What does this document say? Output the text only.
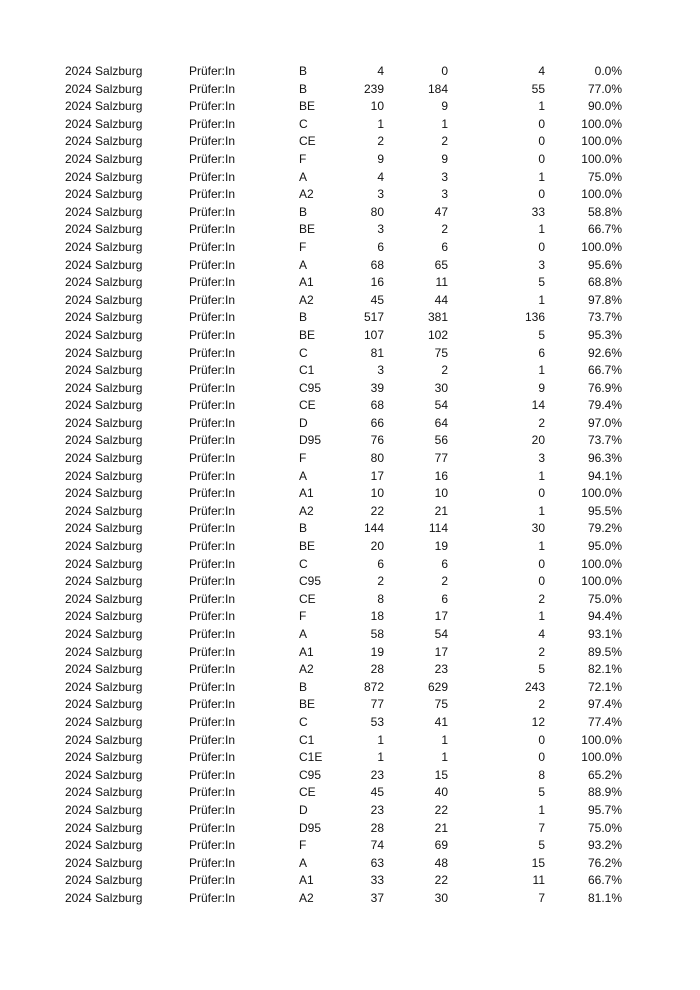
2024 Salzburg	Prüfer:In	B	4	0	4	0.0%
2024 Salzburg	Prüfer:In	B	239	184	55	77.0%
2024 Salzburg	Prüfer:In	BE	10	9	1	90.0%
2024 Salzburg	Prüfer:In	C	1	1	0	100.0%
2024 Salzburg	Prüfer:In	CE	2	2	0	100.0%
2024 Salzburg	Prüfer:In	F	9	9	0	100.0%
2024 Salzburg	Prüfer:In	A	4	3	1	75.0%
2024 Salzburg	Prüfer:In	A2	3	3	0	100.0%
2024 Salzburg	Prüfer:In	B	80	47	33	58.8%
2024 Salzburg	Prüfer:In	BE	3	2	1	66.7%
2024 Salzburg	Prüfer:In	F	6	6	0	100.0%
2024 Salzburg	Prüfer:In	A	68	65	3	95.6%
2024 Salzburg	Prüfer:In	A1	16	11	5	68.8%
2024 Salzburg	Prüfer:In	A2	45	44	1	97.8%
2024 Salzburg	Prüfer:In	B	517	381	136	73.7%
2024 Salzburg	Prüfer:In	BE	107	102	5	95.3%
2024 Salzburg	Prüfer:In	C	81	75	6	92.6%
2024 Salzburg	Prüfer:In	C1	3	2	1	66.7%
2024 Salzburg	Prüfer:In	C95	39	30	9	76.9%
2024 Salzburg	Prüfer:In	CE	68	54	14	79.4%
2024 Salzburg	Prüfer:In	D	66	64	2	97.0%
2024 Salzburg	Prüfer:In	D95	76	56	20	73.7%
2024 Salzburg	Prüfer:In	F	80	77	3	96.3%
2024 Salzburg	Prüfer:In	A	17	16	1	94.1%
2024 Salzburg	Prüfer:In	A1	10	10	0	100.0%
2024 Salzburg	Prüfer:In	A2	22	21	1	95.5%
2024 Salzburg	Prüfer:In	B	144	114	30	79.2%
2024 Salzburg	Prüfer:In	BE	20	19	1	95.0%
2024 Salzburg	Prüfer:In	C	6	6	0	100.0%
2024 Salzburg	Prüfer:In	C95	2	2	0	100.0%
2024 Salzburg	Prüfer:In	CE	8	6	2	75.0%
2024 Salzburg	Prüfer:In	F	18	17	1	94.4%
2024 Salzburg	Prüfer:In	A	58	54	4	93.1%
2024 Salzburg	Prüfer:In	A1	19	17	2	89.5%
2024 Salzburg	Prüfer:In	A2	28	23	5	82.1%
2024 Salzburg	Prüfer:In	B	872	629	243	72.1%
2024 Salzburg	Prüfer:In	BE	77	75	2	97.4%
2024 Salzburg	Prüfer:In	C	53	41	12	77.4%
2024 Salzburg	Prüfer:In	C1	1	1	0	100.0%
2024 Salzburg	Prüfer:In	C1E	1	1	0	100.0%
2024 Salzburg	Prüfer:In	C95	23	15	8	65.2%
2024 Salzburg	Prüfer:In	CE	45	40	5	88.9%
2024 Salzburg	Prüfer:In	D	23	22	1	95.7%
2024 Salzburg	Prüfer:In	D95	28	21	7	75.0%
2024 Salzburg	Prüfer:In	F	74	69	5	93.2%
2024 Salzburg	Prüfer:In	A	63	48	15	76.2%
2024 Salzburg	Prüfer:In	A1	33	22	11	66.7%
2024 Salzburg	Prüfer:In	A2	37	30	7	81.1%
